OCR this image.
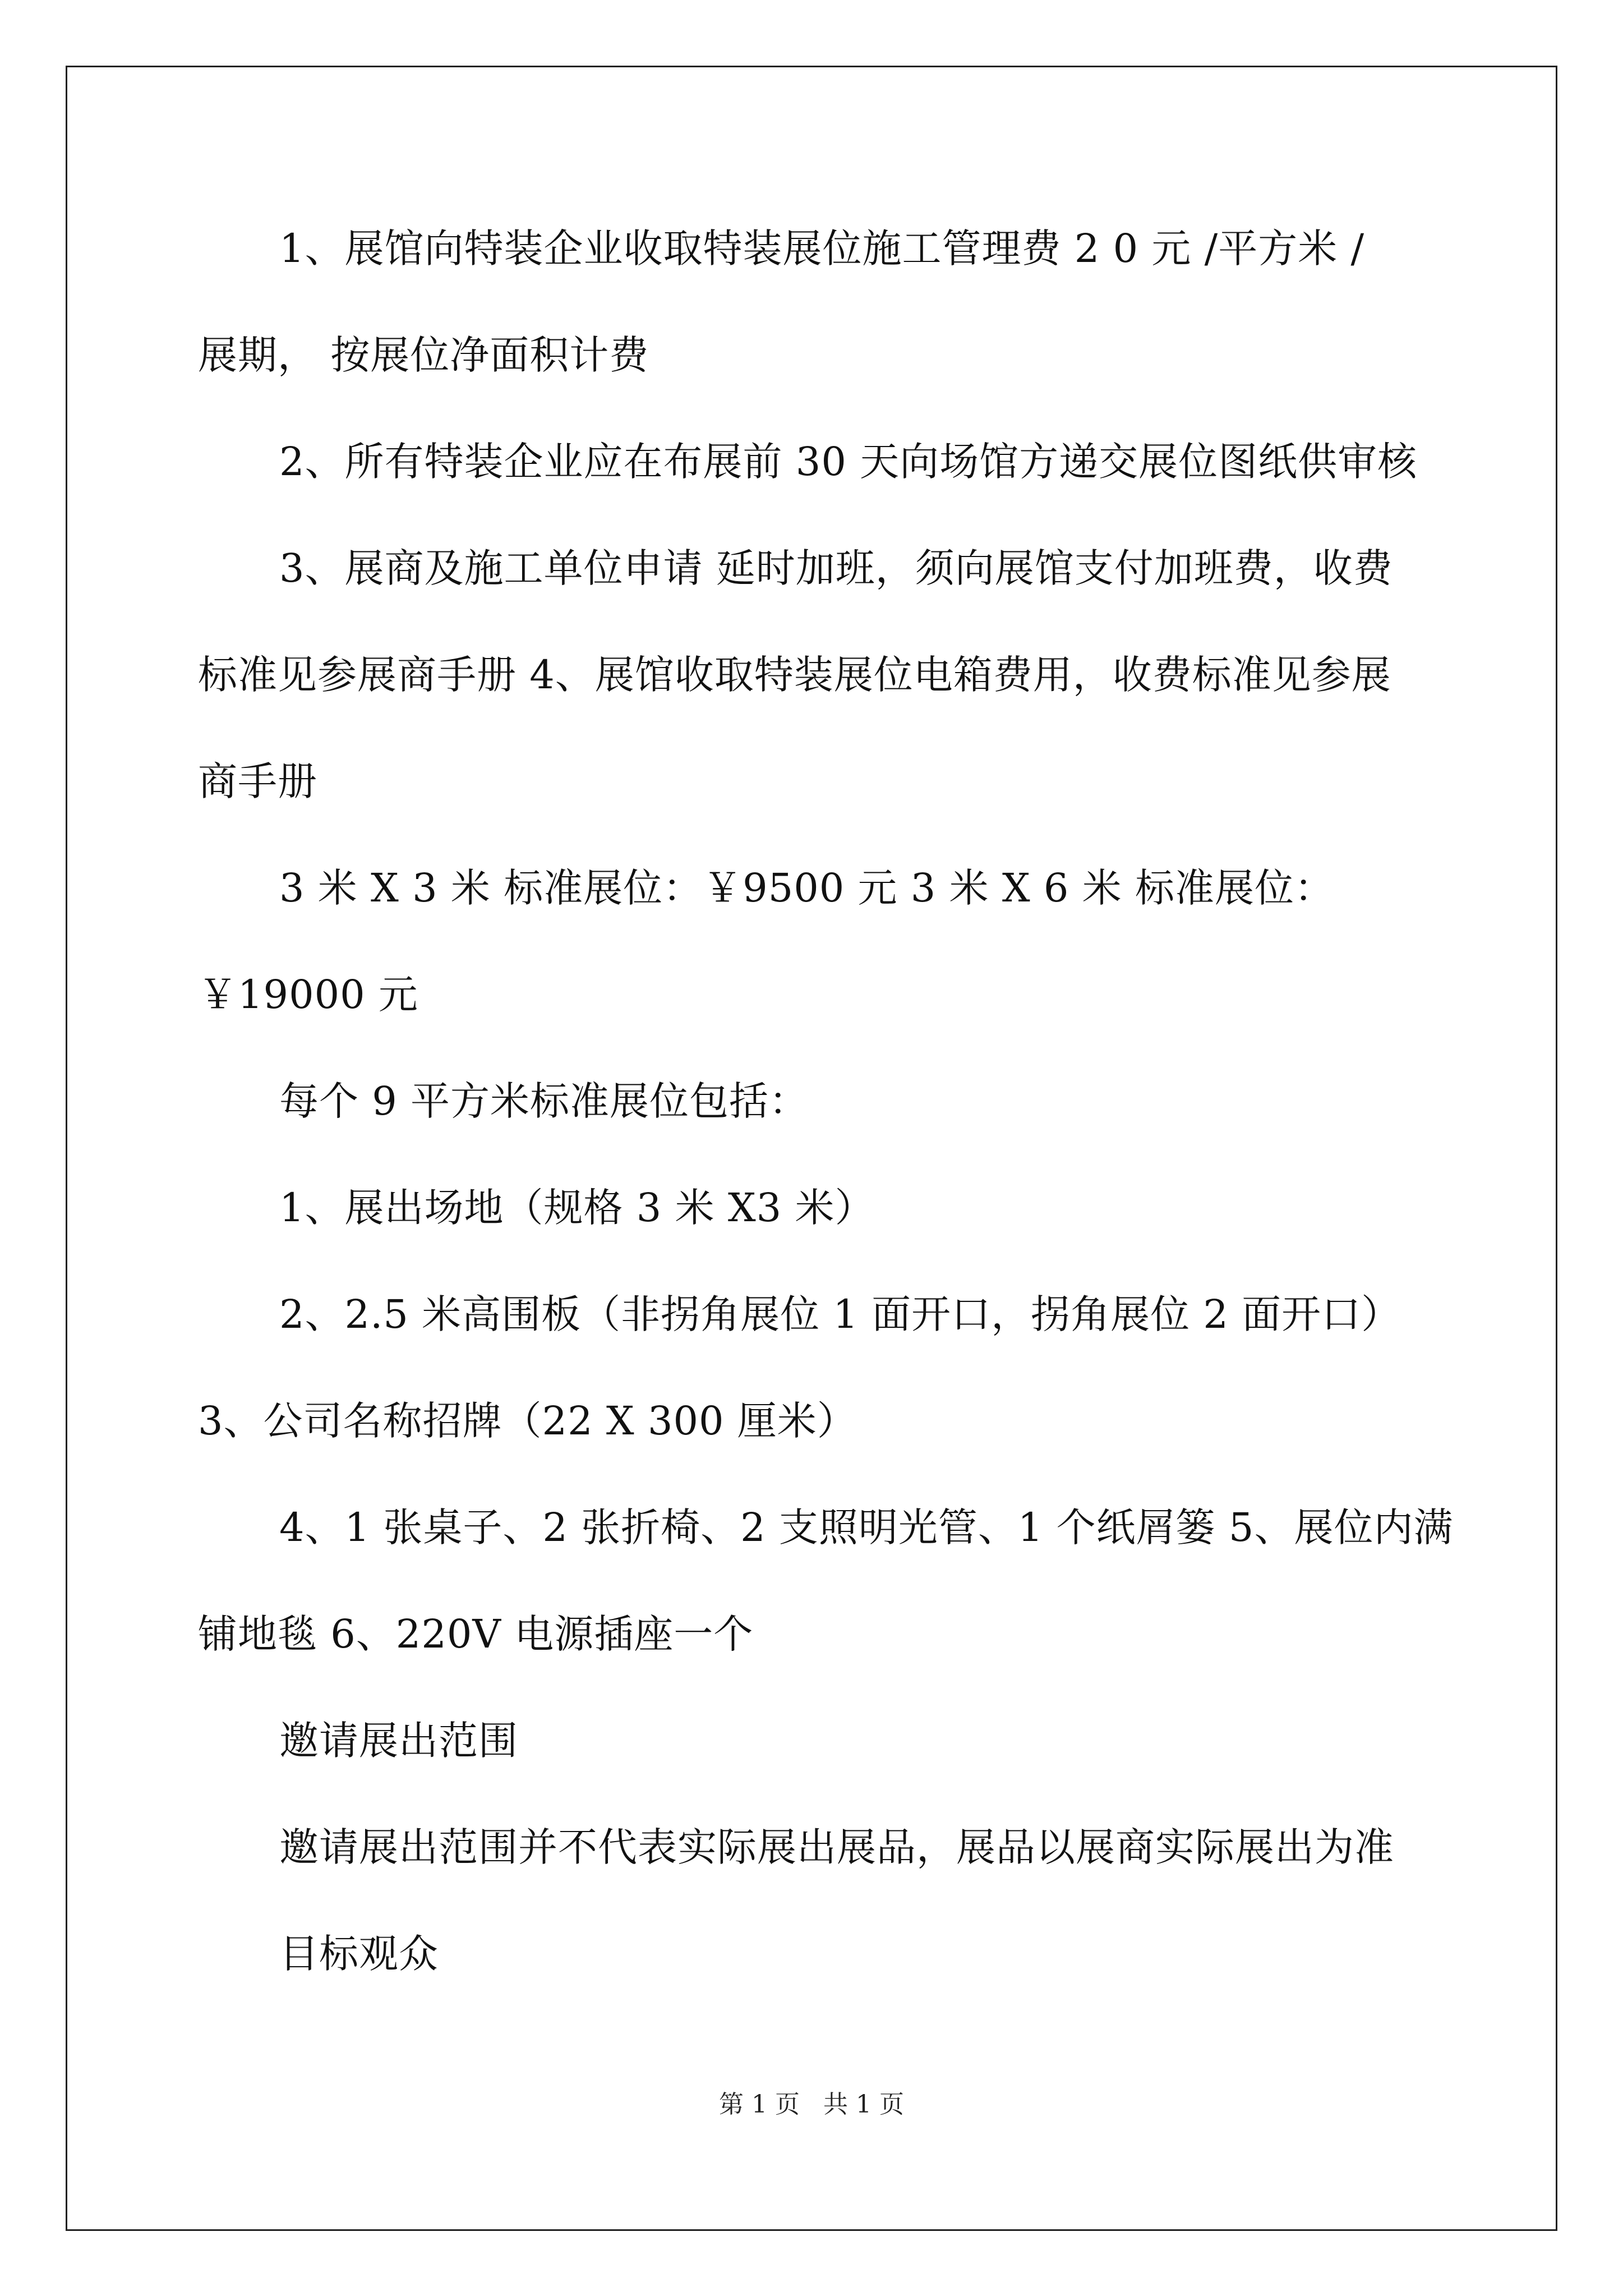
1、展馆向特装企业收取特装展位施工管理费 2 0 元 /平方米 /
展期， 按展位净面积计费
2、所有特装企业应在布展前 30 天向场馆方递交展位图纸供审核
3、展商及施工单位申请 延时加班，须向展馆支付加班费，收费
标准见参展商手册 4、展馆收取特装展位电箱费用，收费标准见参展
商手册
3 米 X 3 米 标准展位：￥9500 元 3 米 X 6 米 标准展位：
￥19000 元
每个 9 平方米标准展位包括：
1、展出场地（规格 3 米 X3 米）
2、2.5 米高围板（非拐角展位 1 面开口，拐角展位 2 面开口）
3、公司名称招牌（22 X 300 厘米）
4、1 张桌子、2 张折椅、2 支照明光管、1 个纸屑篓 5、展位内满
铺地毯 6、220V 电源插座一个
邀请展出范围
邀请展出范围并不代表实际展出展品，展品以展商实际展出为准
目标观众
第 1 页 共 1 页
